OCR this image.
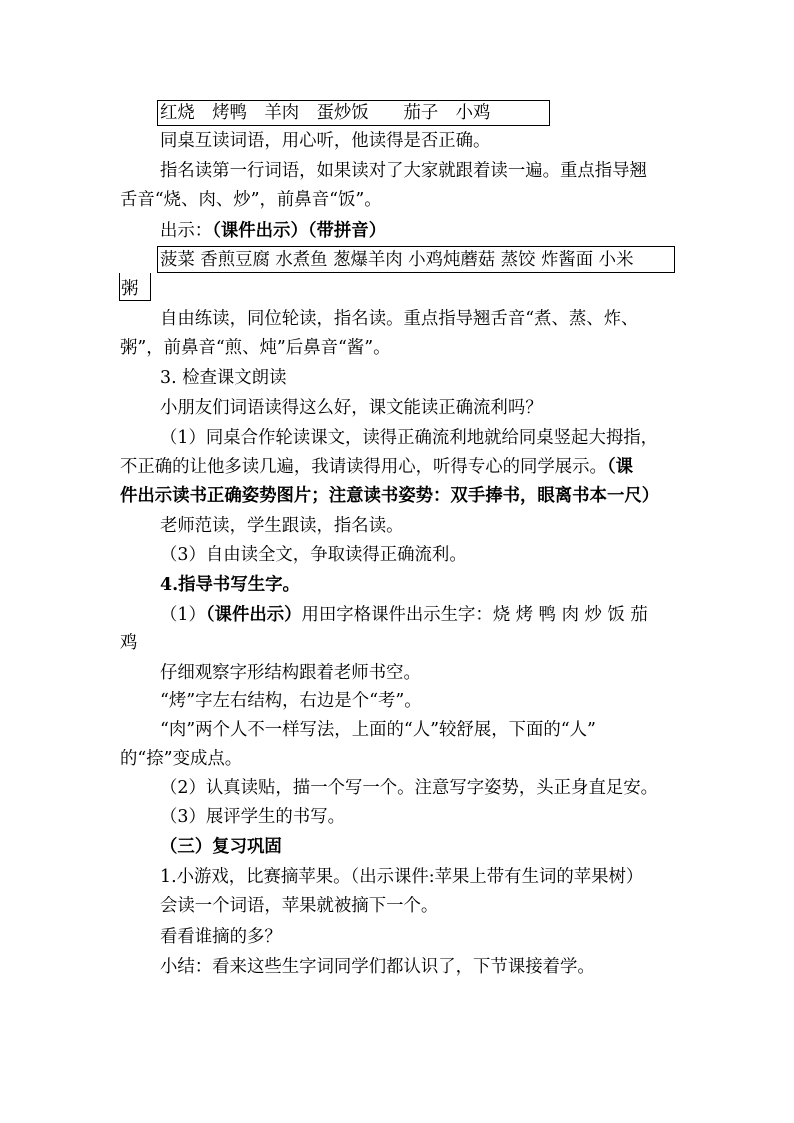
红烧　烤鸭　羊肉　蛋炒饭　　茄子　小鸡

同桌互读词语，用心听，他读得是否正确。

指名读第一行词语，如果读对了大家就跟着读一遍。重点指导翘

舌音“烧、肉、炒”，前鼻音“饭”。

出示：（课件出示）（带拼音）

菠菜 香煎豆腐 水煮鱼 葱爆羊肉 小鸡炖蘑菇 蒸饺 炸酱面 小米

粥

自由练读，同位轮读，指名读。重点指导翘舌音“煮、蒸、炸、

粥”，前鼻音“煎、炖”后鼻音“酱”。

3. 检查课文朗读

小朋友们词语读得这么好，课文能读正确流利吗？

（1）同桌合作轮读课文，读得正确流利地就给同桌竖起大拇指，

不正确的让他多读几遍，我请读得用心，听得专心的同学展示。（课

件出示读书正确姿势图片；注意读书姿势：双手捧书，眼离书本一尺）

老师范读，学生跟读，指名读。

（3）自由读全文，争取读得正确流利。

4.指导书写生字。

（1）（课件出示）用田字格课件出示生字：烧 烤 鸭 肉 炒 饭 茄

鸡

仔细观察字形结构跟着老师书空。

“烤”字左右结构，右边是个“考”。

“肉”两个人不一样写法，上面的“人”较舒展，下面的“人”

的“捺”变成点。

（2）认真读贴，描一个写一个。注意写字姿势，头正身直足安。

（3）展评学生的书写。

（三）复习巩固

1.小游戏，比赛摘苹果。（出示课件:苹果上带有生词的苹果树）

会读一个词语，苹果就被摘下一个。

看看谁摘的多？

小结：看来这些生字词同学们都认识了，下节课接着学。
